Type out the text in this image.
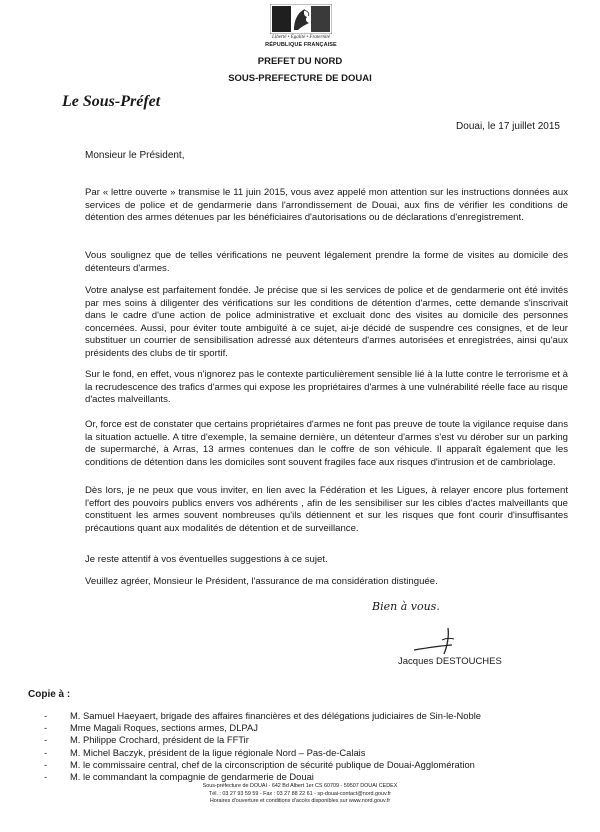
Liberté • Égalité • Fraternité
RÉPUBLIQUE FRANÇAISE
PREFET DU NORD
SOUS-PREFECTURE DE DOUAI
Le Sous-Préfet
Douai, le 17 juillet 2015
Monsieur le Président,

Par « lettre ouverte » transmise le 11 juin 2015, vous avez appelé mon attention sur les instructions données aux services de police et de gendarmerie dans l'arrondissement de Douai, aux fins de vérifier les conditions de détention des armes détenues par les bénéficiaires d'autorisations ou de déclarations d'enregistrement.

Vous soulignez que de telles vérifications ne peuvent légalement prendre la forme de visites au domicile des détenteurs d'armes.

Votre analyse est parfaitement fondée. Je précise que si les services de police et de gendarmerie ont été invités par mes soins à diligenter des vérifications sur les conditions de détention d'armes, cette demande s'inscrivait dans le cadre d'une action de police administrative et excluait donc des visites au domicile des personnes concernées. Aussi, pour éviter toute ambiguïté à ce sujet, ai-je décidé de suspendre ces consignes, et de leur substituer un courrier de sensibilisation adressé aux détenteurs d'armes autorisées et enregistrées, ainsi qu'aux présidents des clubs de tir sportif.

Sur le fond, en effet, vous n'ignorez pas le contexte particulièrement sensible lié à la lutte contre le terrorisme et à la recrudescence des trafics d'armes qui expose les propriétaires d'armes à une vulnérabilité réelle face au risque d'actes malveillants.

Or, force est de constater que certains propriétaires d'armes ne font pas preuve de toute la vigilance requise dans la situation actuelle. A titre d'exemple, la semaine dernière, un détenteur d'armes s'est vu dérober sur un parking de supermarché, à Arras, 13 armes contenues dan le coffre de son véhicule. Il apparaît également que les conditions de détention dans les domiciles sont souvent fragiles face aux risques d'intrusion et de cambriolage.

Dès lors, je ne peux que vous inviter, en lien avec la Fédération et les Ligues, à relayer encore plus fortement l'effort des pouvoirs publics envers vos adhérents , afin de les sensibiliser sur les cibles d'actes malveillants que constituent les armes souvent nombreuses qu'ils détiennent et sur les risques que font courir d'insuffisantes précautions quant aux modalités de détention et de surveillance.

Je reste attentif à vos éventuelles suggestions à ce sujet.

Veuillez agréer, Monsieur le Président, l'assurance de ma considération distinguée.

Bien à vous.
Jacques DESTOUCHES
Copie à :
- M. Samuel Haeyaert, brigade des affaires financières et des délégations judiciaires de Sin-le-Noble
- Mme Magali Roques, sections armes, DLPAJ
- M. Philippe Crochard, président de la FFTir
- M. Michel Baczyk, président de la ligue régionale Nord – Pas-de-Calais
- M. le commissaire central, chef de la circonscription de sécurité publique de Douai-Agglomération
- M. le commandant la compagnie de gendarmerie de Douai
Sous-préfecture de DOUAI - 642 Bd Albert 1er CS 60709 - 59507 DOUAI CEDEX
Tél. : 03 27 93 59 59 - Fax : 03 27 88 22 61 - sp-douai-contact@nord.gouv.fr
Horaires d'ouverture et conditions d'accès disponibles sur www.nord.gouv.fr
